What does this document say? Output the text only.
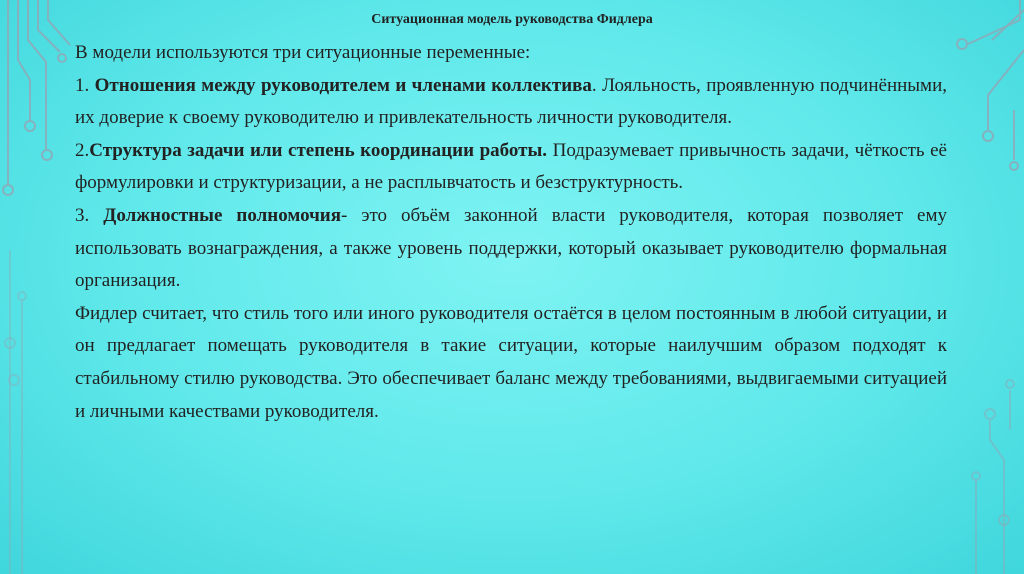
Ситуационная модель руководства Фидлера

В модели используются три ситуационные переменные:

1. Отношения между руководителем и членами коллектива. Лояльность, проявленную подчинёнными, их доверие к своему руководителю и привлекательность личности руководителя.

2.Структура задачи или степень координации работы. Подразумевает привычность задачи, чёткость её формулировки и структуризации, а не расплывчатость и безструктурность.

3. Должностные полномочия- это объём законной власти руководителя, которая позволяет ему использовать вознаграждения, а также уровень поддержки, который оказывает руководителю формальная организация.

Фидлер считает, что стиль того или иного руководителя остаётся в целом постоянным в любой ситуации, и он предлагает помещать руководителя в такие ситуации, которые наилучшим образом подходят к стабильному стилю руководства. Это обеспечивает баланс между требованиями, выдвигаемыми ситуацией и личными качествами руководителя.
